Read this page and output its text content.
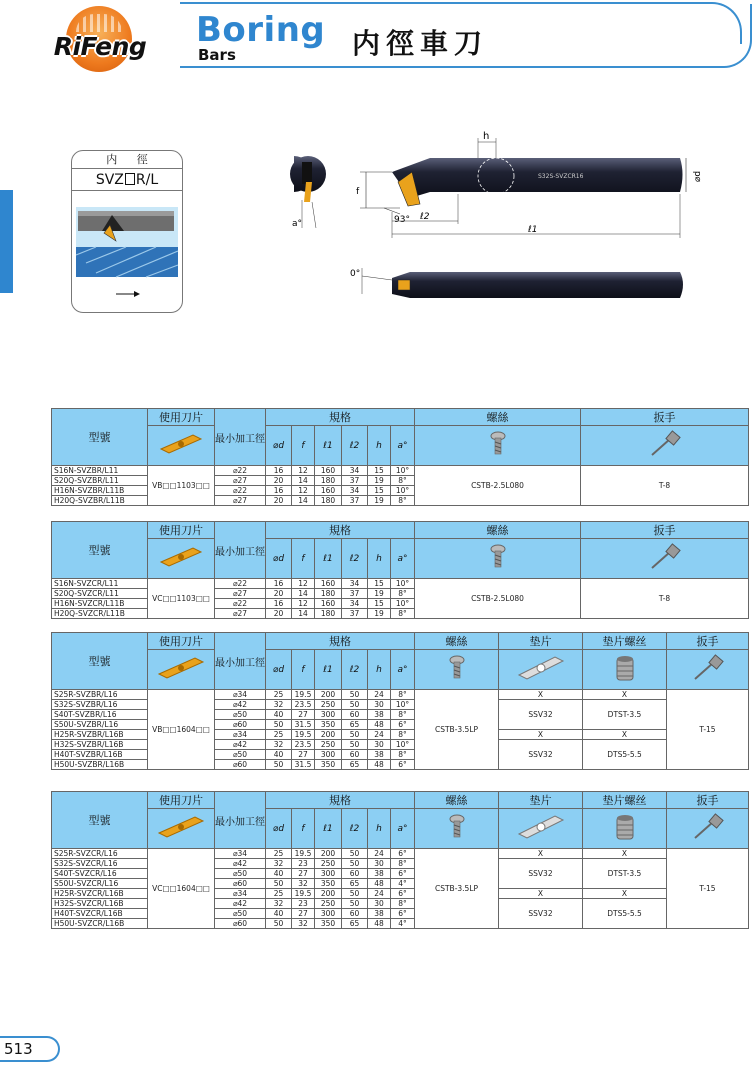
RiFeng Boring
Bars	内徑車刀
内 徑
SVZ R/L
a°
S32S-SVZCR16
h
⌀d
f
93° ℓ2
ℓ1
0°
型號	使用刀片	最小加工徑	規格						螺絲	扳手
	⌀d	f	ℓ1	ℓ2	h	a°		
S16N-SVZBR/L11	VB□□1103□□	⌀22	16	12	160	34	15	10°	CSTB-2.5L080	T-8
S20Q-SVZBR/L11		⌀27	20	14	180	37	19	8°		
H16N-SVZBR/L11B		⌀22	16	12	160	34	15	10°		
H20Q-SVZBR/L11B		⌀27	20	14	180	37	19	8°		
型號	使用刀片	最小加工徑	規格						螺絲	扳手
	⌀d	f	ℓ1	ℓ2	h	a°		
S16N-SVZCR/L11	VC□□1103□□	⌀22	16	12	160	34	15	10°	CSTB-2.5L080	T-8
S20Q-SVZCR/L11		⌀27	20	14	180	37	19	8°		
H16N-SVZCR/L11B		⌀22	16	12	160	34	15	10°		
H20Q-SVZCR/L11B		⌀27	20	14	180	37	19	8°		
型號	使用刀片	最小加工徑	規格						螺絲	垫片	垫片螺丝	扳手
	⌀d	f	ℓ1	ℓ2	h	a°				
S25R-SVZBR/L16	VB□□1604□□	⌀34	25	19.5	200	50	24	8°	CSTB-3.5LP	X	X	T-15
S32S-SVZBR/L16		⌀42	32	23.5	250	50	30	10°		SSV32	DTST-3.5	
S40T-SVZBR/L16		⌀50	40	27	300	60	38	8°				
S50U-SVZBR/L16		⌀60	50	31.5	350	65	48	6°				
H25R-SVZBR/L16B		⌀34	25	19.5	200	50	24	8°		X	X	
H32S-SVZBR/L16B		⌀42	32	23.5	250	50	30	10°		SSV32	DTS5-5.5	
H40T-SVZBR/L16B		⌀50	40	27	300	60	38	8°				
H50U-SVZBR/L16B		⌀60	50	31.5	350	65	48	6°				
型號	使用刀片	最小加工徑	規格						螺絲	垫片	垫片螺丝	扳手
	⌀d	f	ℓ1	ℓ2	h	a°				
S25R-SVZCR/L16	VC□□1604□□	⌀34	25	19.5	200	50	24	6°	CSTB-3.5LP	X	X	T-15
S32S-SVZCR/L16		⌀42	32	23	250	50	30	8°		SSV32	DTST-3.5	
S40T-SVZCR/L16		⌀50	40	27	300	60	38	6°				
S50U-SVZCR/L16		⌀60	50	32	350	65	48	4°				
H25R-SVZCR/L16B		⌀34	25	19.5	200	50	24	6°		X	X	
H32S-SVZCR/L16B		⌀42	32	23	250	50	30	8°		SSV32	DTS5-5.5	
H40T-SVZCR/L16B		⌀50	40	27	300	60	38	6°				
H50U-SVZCR/L16B		⌀60	50	32	350	65	48	4°				
513
